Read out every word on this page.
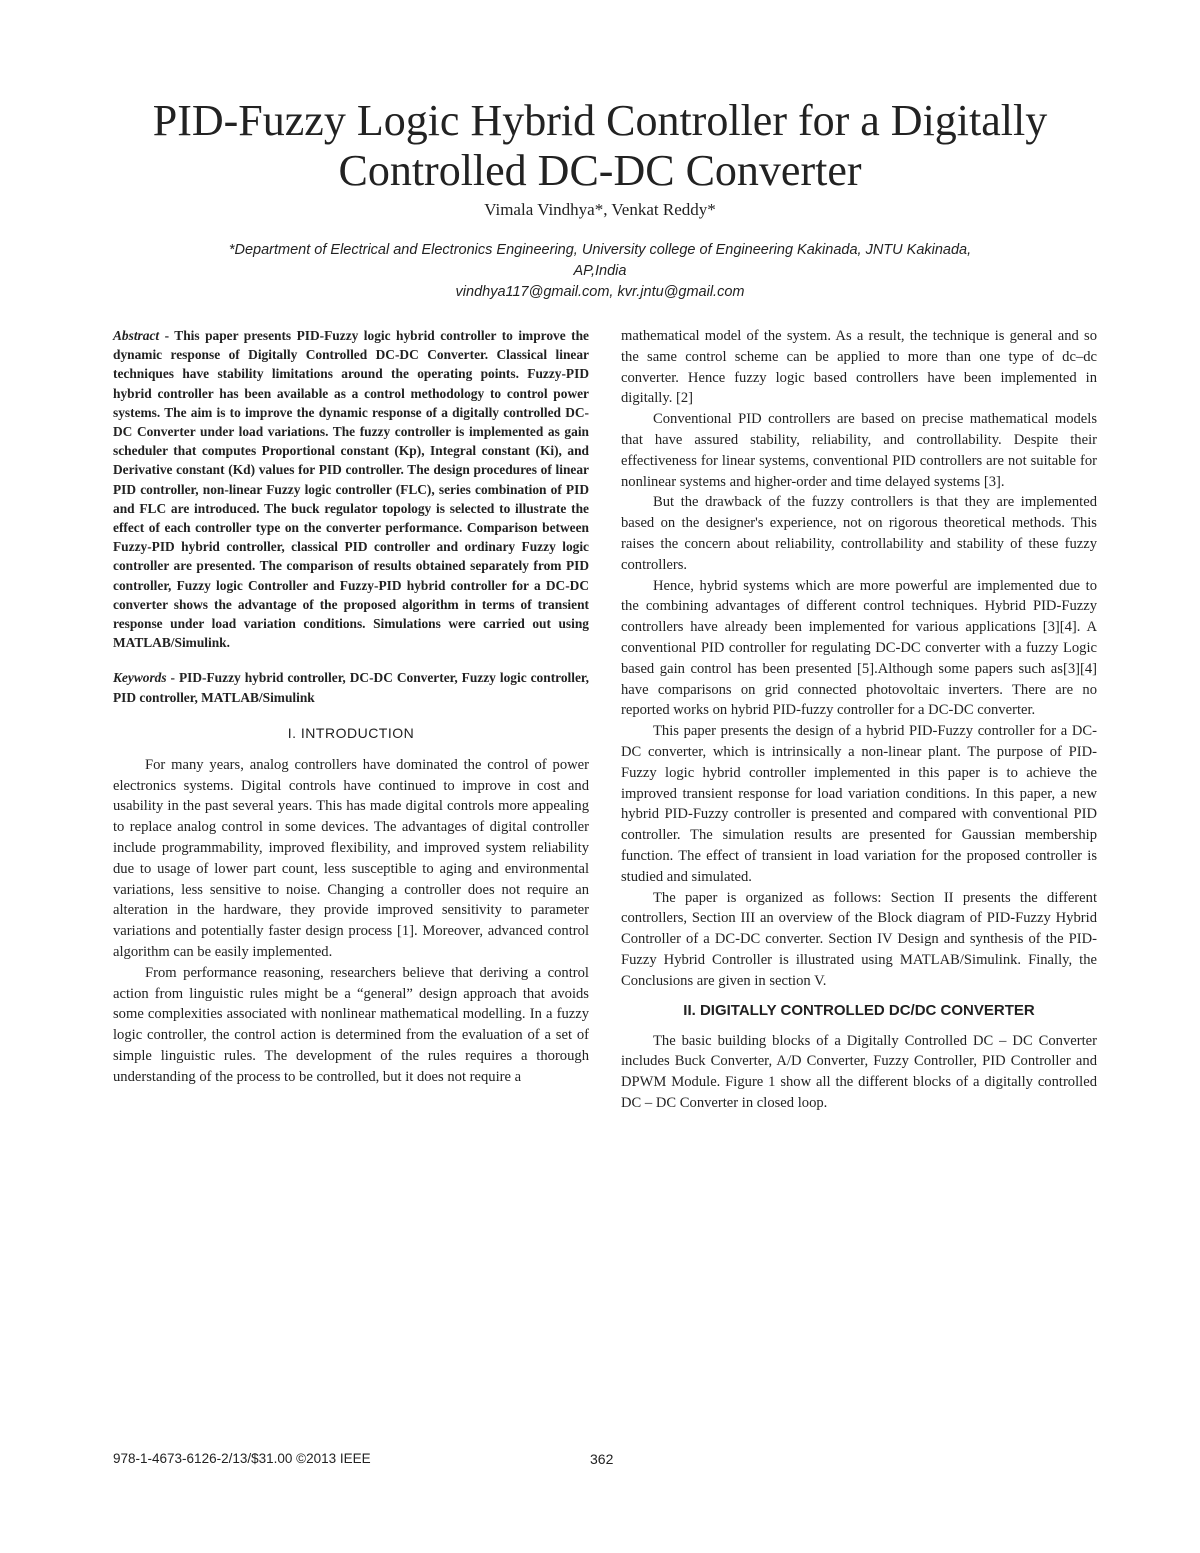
PID-Fuzzy Logic Hybrid Controller for a Digitally
Controlled DC-DC Converter
Vimala Vindhya*, Venkat Reddy*
*Department of Electrical and Electronics Engineering, University college of Engineering Kakinada, JNTU Kakinada,
AP,India
vindhya117@gmail.com, kvr.jntu@gmail.com

Abstract - This paper presents PID-Fuzzy logic hybrid controller to improve the dynamic response of Digitally Controlled DC-DC Converter. Classical linear techniques have stability limitations around the operating points. Fuzzy-PID hybrid controller has been available as a control methodology to control power systems. The aim is to improve the dynamic response of a digitally controlled DC-DC Converter under load variations. The fuzzy controller is implemented as gain scheduler that computes Proportional constant (Kp), Integral constant (Ki), and Derivative constant (Kd) values for PID controller. The design procedures of linear PID controller, non-linear Fuzzy logic controller (FLC), series combination of PID and FLC are introduced. The buck regulator topology is selected to illustrate the effect of each controller type on the converter performance. Comparison between Fuzzy-PID hybrid controller, classical PID controller and ordinary Fuzzy logic controller are presented. The comparison of results obtained separately from PID controller, Fuzzy logic Controller and Fuzzy-PID hybrid controller for a DC-DC converter shows the advantage of the proposed algorithm in terms of transient response under load variation conditions. Simulations were carried out using MATLAB/Simulink.

Keywords - PID-Fuzzy hybrid controller, DC-DC Converter, Fuzzy logic controller, PID controller, MATLAB/Simulink

I. INTRODUCTION

For many years, analog controllers have dominated the control of power electronics systems. Digital controls have continued to improve in cost and usability in the past several years. This has made digital controls more appealing to replace analog control in some devices. The advantages of digital controller include programmability, improved flexibility, and improved system reliability due to usage of lower part count, less susceptible to aging and environmental variations, less sensitive to noise. Changing a controller does not require an alteration in the hardware, they provide improved sensitivity to parameter variations and potentially faster design process [1]. Moreover, advanced control algorithm can be easily implemented.

From performance reasoning, researchers believe that deriving a control action from linguistic rules might be a “general” design approach that avoids some complexities associated with nonlinear mathematical modelling. In a fuzzy logic controller, the control action is determined from the evaluation of a set of simple linguistic rules. The development of the rules requires a thorough understanding of the process to be controlled, but it does not require a

mathematical model of the system. As a result, the technique is general and so the same control scheme can be applied to more than one type of dc–dc converter. Hence fuzzy logic based controllers have been implemented in digitally. [2]

Conventional PID controllers are based on precise mathematical models that have assured stability, reliability, and controllability. Despite their effectiveness for linear systems, conventional PID controllers are not suitable for nonlinear systems and higher-order and time delayed systems [3].

But the drawback of the fuzzy controllers is that they are implemented based on the designer's experience, not on rigorous theoretical methods. This raises the concern about reliability, controllability and stability of these fuzzy controllers.

Hence, hybrid systems which are more powerful are implemented due to the combining advantages of different control techniques. Hybrid PID-Fuzzy controllers have already been implemented for various applications [3][4]. A conventional PID controller for regulating DC-DC converter with a fuzzy Logic based gain control has been presented [5].Although some papers such as[3][4] have comparisons on grid connected photovoltaic inverters. There are no reported works on hybrid PID-fuzzy controller for a DC-DC converter.

This paper presents the design of a hybrid PID-Fuzzy controller for a DC-DC converter, which is intrinsically a non-linear plant. The purpose of PID-Fuzzy logic hybrid controller implemented in this paper is to achieve the improved transient response for load variation conditions. In this paper, a new hybrid PID-Fuzzy controller is presented and compared with conventional PID controller. The simulation results are presented for Gaussian membership function. The effect of transient in load variation for the proposed controller is studied and simulated.

The paper is organized as follows: Section II presents the different controllers, Section III an overview of the Block diagram of PID-Fuzzy Hybrid Controller of a DC-DC converter. Section IV Design and synthesis of the PID-Fuzzy Hybrid Controller is illustrated using MATLAB/Simulink. Finally, the Conclusions are given in section V.

II. DIGITALLY CONTROLLED DC/DC CONVERTER

The basic building blocks of a Digitally Controlled DC – DC Converter includes Buck Converter, A/D Converter, Fuzzy Controller, PID Controller and DPWM Module. Figure 1 show all the different blocks of a digitally controlled DC – DC Converter in closed loop.

978-1-4673-6126-2/13/$31.00 ©2013 IEEE	362
